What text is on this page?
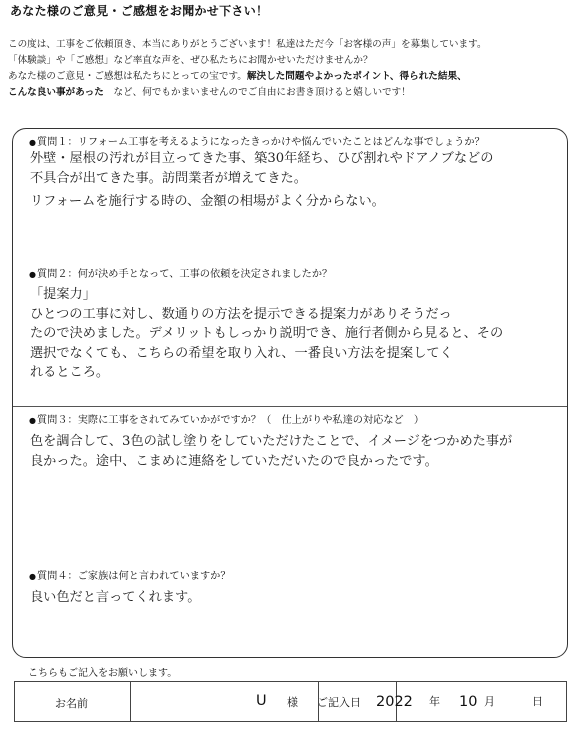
あなた様のご意見・ご感想をお聞かせ下さい！
この度は、工事をご依頼頂き、本当にありがとうございます！私達はただ今「お客様の声」を募集しています。
「体験談」や「ご感想」など率直な声を、ぜひ私たちにお聞かせいただけませんか？
あなた様のご意見・ご感想は私たちにとっての宝です。解決した問題やよかったポイント、得られた結果、
こんな良い事があった　 など、何でもかまいませんのでご自由にお書き頂けると嬉しいです！
●質問１：リフォーム工事を考えるようになったきっかけや悩んでいたことはどんな事でしょうか？
外壁・屋根の汚れが目立ってきた事、築30年経ち、ひび割れやドアノブなどの
不具合が出てきた事。訪問業者が増えてきた。
リフォームを施行する時の、金額の相場がよく分からない。
●質問２：何が決め手となって、工事の依頼を決定されましたか？
「提案力」
ひとつの工事に対し、数通りの方法を提示できる提案力がありそうだっ
たので決めました。デメリットもしっかり説明でき、施行者側から見ると、その
選択でなくても、こちらの希望を取り入れ、一番良い方法を提案してく
れるところ。
●質問３：実際に工事をされてみていかがですか？（　仕上がりや私達の対応など　）
色を調合して、3色の試し塗りをしていただけたことで、イメージをつかめた事が
良かった。途中、こまめに連絡をしていただいたので良かったです。
●質問４：ご家族は何と言われていますか？
良い色だと言ってくれます。
こちらもご記入をお願いします。

お名前	U 様 ご記入日 2022 年 10 月	日
